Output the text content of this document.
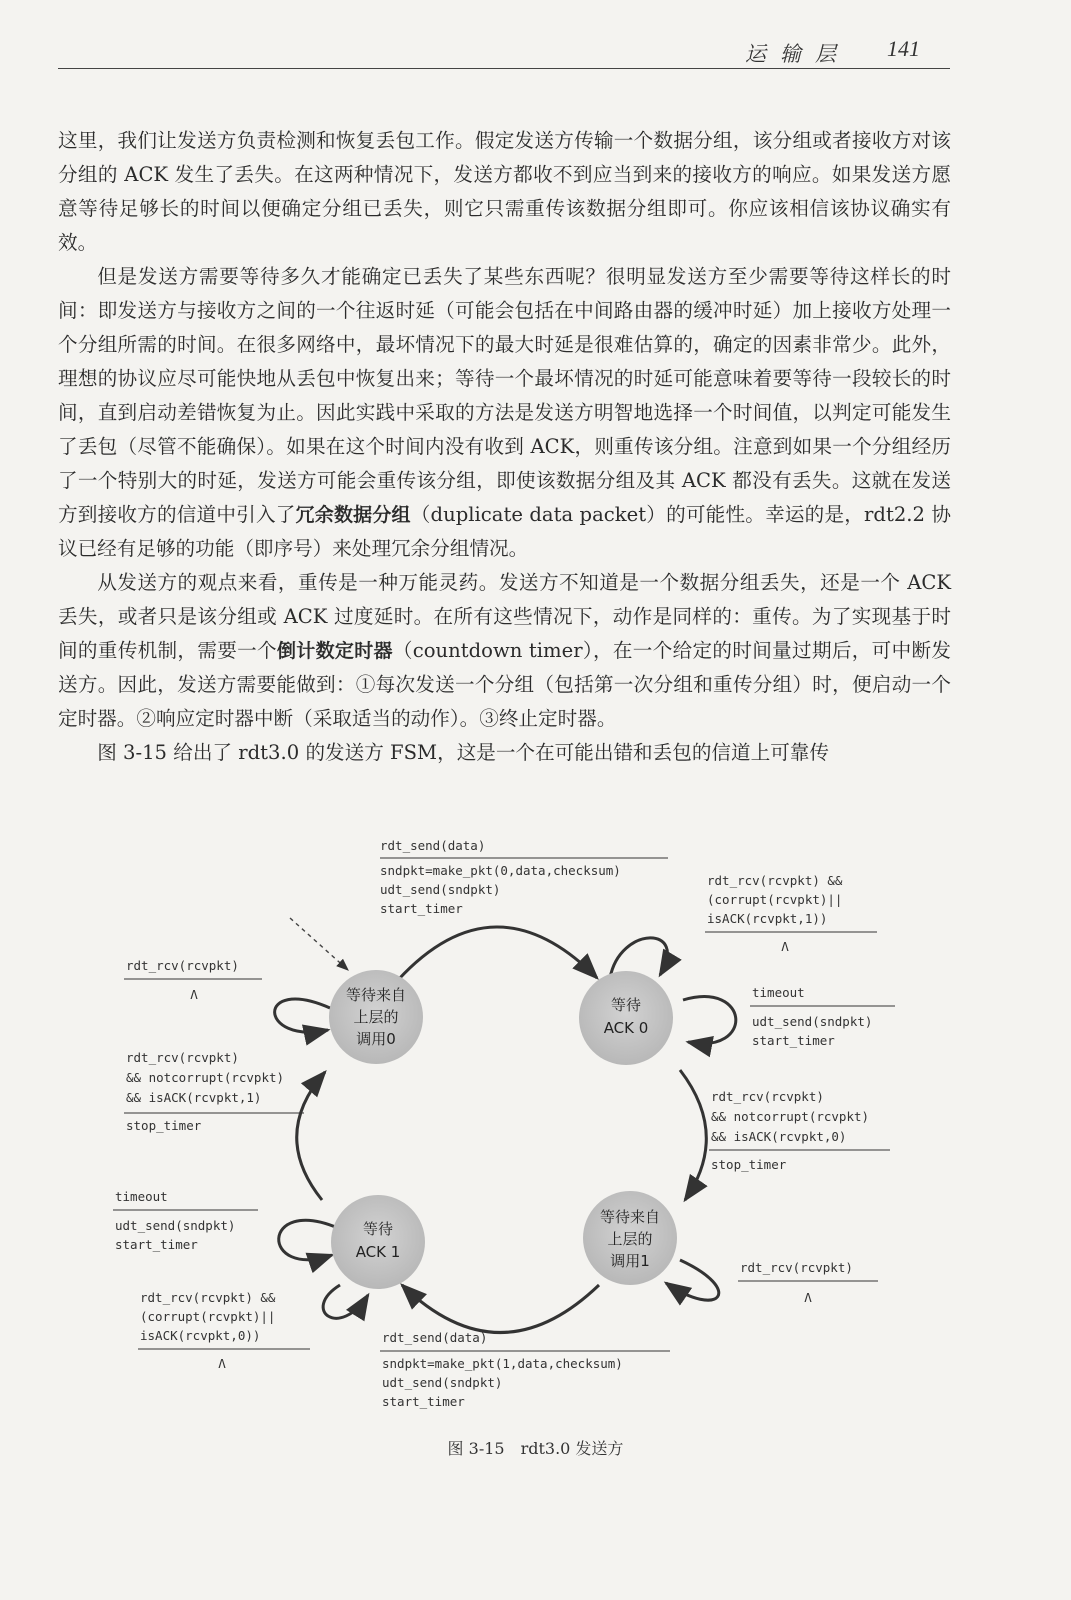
运输层 141

这里，我们让发送方负责检测和恢复丢包工作。假定发送方传输一个数据分组，该分组或者接收方对该分组的 ACK 发生了丢失。在这两种情况下，发送方都收不到应当到来的接收方的响应。如果发送方愿意等待足够长的时间以便确定分组已丢失，则它只需重传该数据分组即可。你应该相信该协议确实有效。

但是发送方需要等待多久才能确定已丢失了某些东西呢？很明显发送方至少需要等待这样长的时间：即发送方与接收方之间的一个往返时延（可能会包括在中间路由器的缓冲时延）加上接收方处理一个分组所需的时间。在很多网络中，最坏情况下的最大时延是很难估算的，确定的因素非常少。此外，理想的协议应尽可能快地从丢包中恢复出来；等待一个最坏情况的时延可能意味着要等待一段较长的时间，直到启动差错恢复为止。因此实践中采取的方法是发送方明智地选择一个时间值，以判定可能发生了丢包（尽管不能确保）。如果在这个时间内没有收到 ACK，则重传该分组。注意到如果一个分组经历了一个特别大的时延，发送方可能会重传该分组，即使该数据分组及其 ACK 都没有丢失。这就在发送方到接收方的信道中引入了冗余数据分组（duplicate data packet）的可能性。幸运的是，rdt2.2 协议已经有足够的功能（即序号）来处理冗余分组情况。

从发送方的观点来看，重传是一种万能灵药。发送方不知道是一个数据分组丢失，还是一个 ACK 丢失，或者只是该分组或 ACK 过度延时。在所有这些情况下，动作是同样的：重传。为了实现基于时间的重传机制，需要一个倒计数定时器（countdown timer），在一个给定的时间量过期后，可中断发送方。因此，发送方需要能做到：①每次发送一个分组（包括第一次分组和重传分组）时，便启动一个定时器。②响应定时器中断（采取适当的动作）。③终止定时器。

图 3-15 给出了 rdt3.0 的发送方 FSM，这是一个在可能出错和丢包的信道上可靠传

等待来自
上层的
调用0
等待
ACK 0
等待来自
上层的
调用1
等待
ACK 1
rdt_send(data)
sndpkt=make_pkt(0,data,checksum)
udt_send(sndpkt)
start_timer
rdt_rcv(rcvpkt) &&
(corrupt(rcvpkt)||
isACK(rcvpkt,1))
Λ
timeout
udt_send(sndpkt)
start_timer
rdt_rcv(rcvpkt)
&& notcorrupt(rcvpkt)
&& isACK(rcvpkt,0)
stop_timer
rdt_rcv(rcvpkt)
Λ
rdt_send(data)
sndpkt=make_pkt(1,data,checksum)
udt_send(sndpkt)
start_timer
rdt_rcv(rcvpkt) &&
(corrupt(rcvpkt)||
isACK(rcvpkt,0))
Λ
timeout
udt_send(sndpkt)
start_timer
rdt_rcv(rcvpkt)
&& notcorrupt(rcvpkt)
&& isACK(rcvpkt,1)
stop_timer
rdt_rcv(rcvpkt)
Λ
图 3-15　rdt3.0 发送方
